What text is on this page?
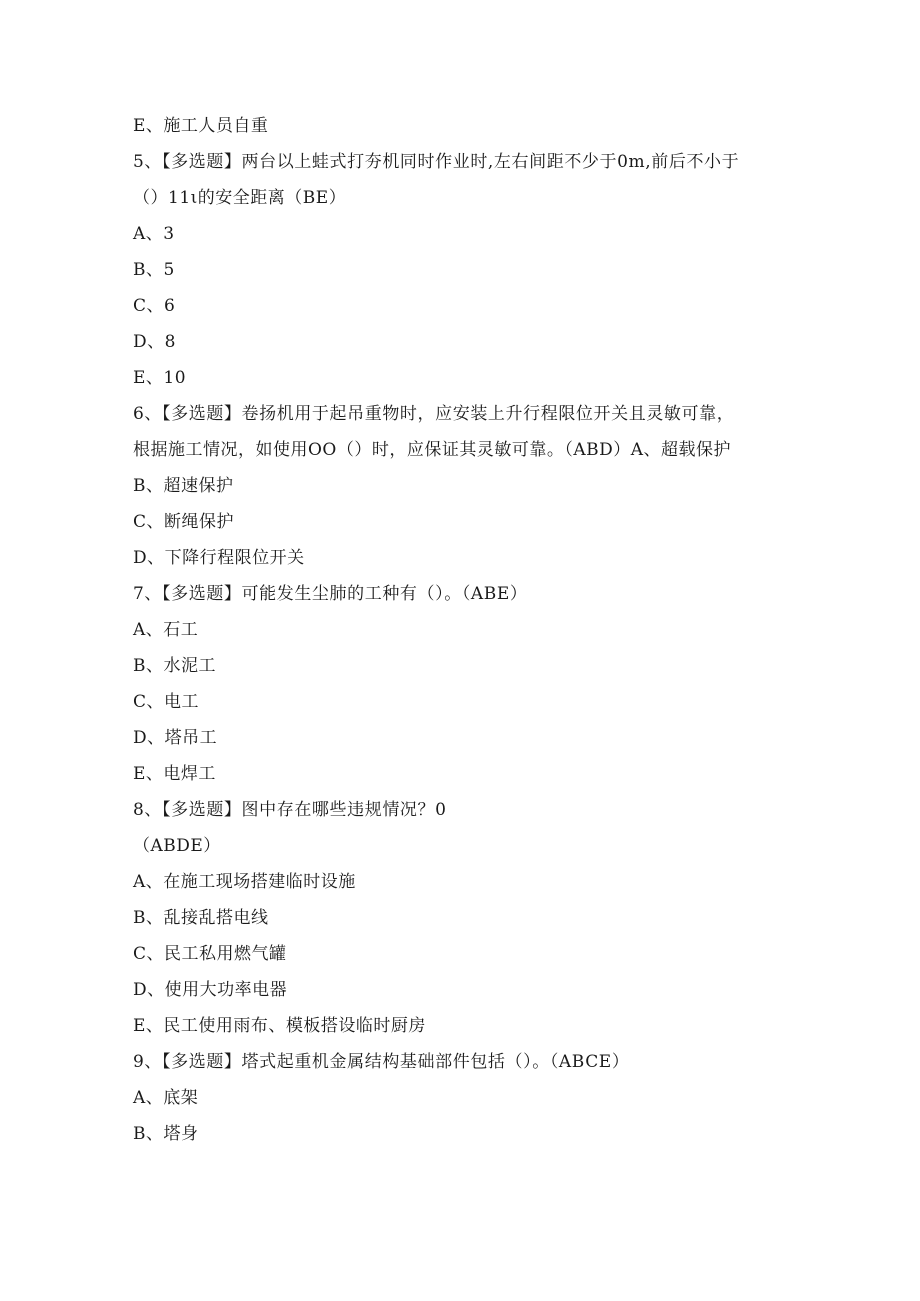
E、施工人员自重
5、【多选题】两台以上蛙式打夯机同时作业时,左右间距不少于0m,前后不小于
（）11ι的安全距离（BE）
A、3
B、5
C、6
D、8
E、10
6、【多选题】卷扬机用于起吊重物时，应安装上升行程限位开关且灵敏可靠，
根据施工情况，如使用OO（）时，应保证其灵敏可靠。（ABD）A、超载保护
B、超速保护
C、断绳保护
D、下降行程限位开关
7、【多选题】可能发生尘肺的工种有（）。（ABE）
A、石工
B、水泥工
C、电工
D、塔吊工
E、电焊工
8、【多选题】图中存在哪些违规情况？0
（ABDE）
A、在施工现场搭建临时设施
B、乱接乱搭电线
C、民工私用燃气罐
D、使用大功率电器
E、民工使用雨布、模板搭设临时厨房
9、【多选题】塔式起重机金属结构基础部件包括（）。（ABCE）
A、底架
B、塔身
